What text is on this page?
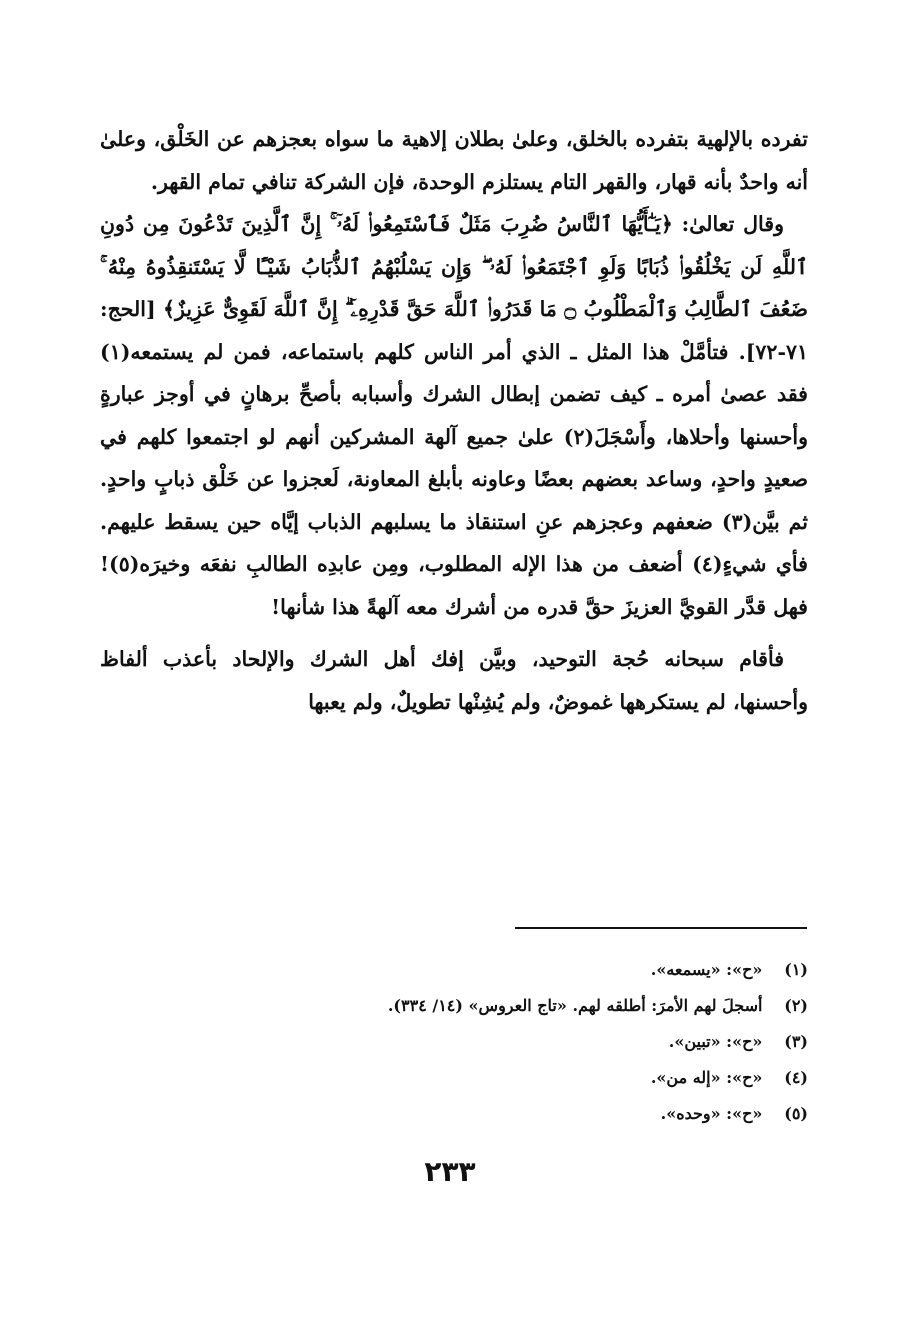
تفرده بالإلهية بتفرده بالخلق، وعلىٰ بطلان إلاهية ما سواه بعجزهم عن الخَلْق، وعلىٰ أنه واحدٌ بأنه قهار، والقهر التام يستلزم الوحدة، فإن الشركة تنافي تمام القهر.

وقال تعالىٰ: ﴿يَـٰٓأَيُّهَا ٱلنَّاسُ ضُرِبَ مَثَلٌ فَٱسْتَمِعُوا۟ لَهُۥٓ ۚ إِنَّ ٱلَّذِينَ تَدْعُونَ مِن دُونِ ٱللَّهِ لَن يَخْلُقُوا۟ ذُبَابًا وَلَوِ ٱجْتَمَعُوا۟ لَهُۥ ۖ وَإِن يَسْلُبْهُمُ ٱلذُّبَابُ شَيْـًٔا لَّا يَسْتَنقِذُوهُ مِنْهُ ۚ ضَعُفَ ٱلطَّالِبُ وَٱلْمَطْلُوبُ ۝ مَا قَدَرُوا۟ ٱللَّهَ حَقَّ قَدْرِهِۦٓ ۗ إِنَّ ٱللَّهَ لَقَوِىٌّ عَزِيزٌ﴾ [الحج: ٧١-٧٢]. فتأمَّلْ هذا المثل ـ الذي أمر الناس كلهم باستماعه، فمن لم يستمعه(١) فقد عصىٰ أمره ـ كيف تضمن إبطال الشرك وأسبابه بأصحِّ برهانٍ في أوجز عبارةٍ وأحسنها وأحلاها، وأَسْجَلَ(٢) علىٰ جميع آلهة المشركين أنهم لو اجتمعوا كلهم في صعيدٍ واحدٍ، وساعد بعضهم بعضًا وعاونه بأبلغ المعاونة، لَعجزوا عن خَلْق ذبابٍ واحدٍ. ثم بيَّن(٣) ضعفهم وعجزهم عنِ استنقاذ ما يسلبهم الذباب إيَّاه حين يسقط عليهم. فأي شيءٍ(٤) أضعف من هذا الإله المطلوب، ومِن عابدِه الطالبِ نفعَه وخيرَه(٥)! فهل قدَّر القويَّ العزيزَ حقَّ قدره من أشرك معه آلهةً هذا شأنها!

فأقام سبحانه حُجة التوحيد، وبيَّن إفك أهل الشرك والإلحاد بأعذب ألفاظ وأحسنها، لم يستكرهها غموضٌ، ولم يُشِنْها تطويلٌ، ولم يعبها

(١) «ح»: «يسمعه».
(٢) أسجلَ لهم الأمرَ: أطلقه لهم. «تاج العروس» (١٤/ ٣٣٤).
(٣) «ح»: «تبين».
(٤) «ح»: «إله من».
(٥) «ح»: «وحده».
٢٣٣
